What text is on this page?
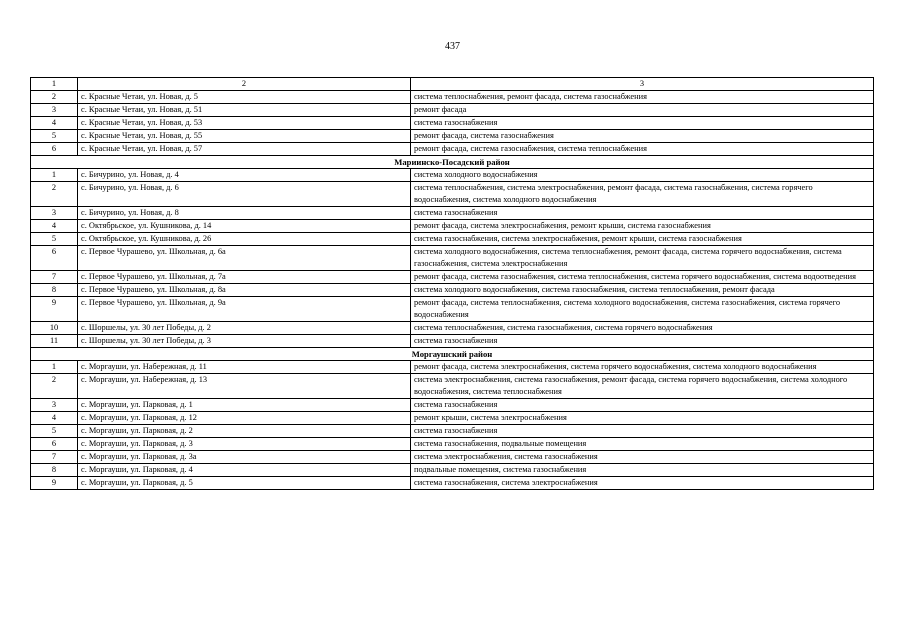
437
1	2	3
2	с. Красные Четаи, ул. Новая, д. 5	система теплоснабжения, ремонт фасада, система газоснабжения
3	с. Красные Четаи, ул. Новая, д. 51	ремонт фасада
4	с. Красные Четаи, ул. Новая, д. 53	система газоснабжения
5	с. Красные Четаи, ул. Новая, д. 55	ремонт фасада, система газоснабжения
6	с. Красные Четаи, ул. Новая, д. 57	ремонт фасада, система газоснабжения, система теплоснабжения
Мариинско-Посадский район		
1	с. Бичурино, ул. Новая, д. 4	система холодного водоснабжения
2	с. Бичурино, ул. Новая, д. 6	система теплоснабжения, система электроснабжения, ремонт фасада, система газоснабжения, система горячего водоснабжения, система холодного водоснабжения
3	с. Бичурино, ул. Новая, д. 8	система газоснабжения
4	с. Октябрьское, ул. Кушникова, д. 14	ремонт фасада, система электроснабжения, ремонт крыши, система газоснабжения
5	с. Октябрьское, ул. Кушникова, д. 26	система газоснабжения, система электроснабжения, ремонт крыши, система газоснабжения
6	с. Первое Чурашево, ул. Школьная, д. 6а	система холодного водоснабжения, система теплоснабжения, ремонт фасада, система горячего водоснабжения, система газоснабжения, система электроснабжения
7	с. Первое Чурашево, ул. Школьная, д. 7а	ремонт фасада, система газоснабжения, система теплоснабжения, система горячего водоснабжения, система водоотведения
8	с. Первое Чурашево, ул. Школьная, д. 8а	система холодного водоснабжения, система газоснабжения, система теплоснабжения, ремонт фасада
9	с. Первое Чурашево, ул. Школьная, д. 9а	ремонт фасада, система теплоснабжения, система холодного водоснабжения, система газоснабжения, система горячего водоснабжения
10	с. Шоршелы, ул. 30 лет Победы, д. 2	система теплоснабжения, система газоснабжения, система горячего водоснабжения
11	с. Шоршелы, ул. 30 лет Победы, д. 3	система газоснабжения
Моргаушский район		
1	с. Моргауши, ул. Набережная, д. 11	ремонт фасада, система электроснабжения, система горячего водоснабжения, система холодного водоснабжения
2	с. Моргауши, ул. Набережная, д. 13	система электроснабжения, система газоснабжения, ремонт фасада, система горячего водоснабжения, система холодного водоснабжения, система теплоснабжения
3	с. Моргауши, ул. Парковая, д. 1	система газоснабжения
4	с. Моргауши, ул. Парковая, д. 12	ремонт крыши, система электроснабжения
5	с. Моргауши, ул. Парковая, д. 2	система газоснабжения
6	с. Моргауши, ул. Парковая, д. 3	система газоснабжения, подвальные помещения
7	с. Моргауши, ул. Парковая, д. 3а	система электроснабжения, система газоснабжения
8	с. Моргауши, ул. Парковая, д. 4	подвальные помещения, система газоснабжения
9	с. Моргауши, ул. Парковая, д. 5	система газоснабжения, система электроснабжения
